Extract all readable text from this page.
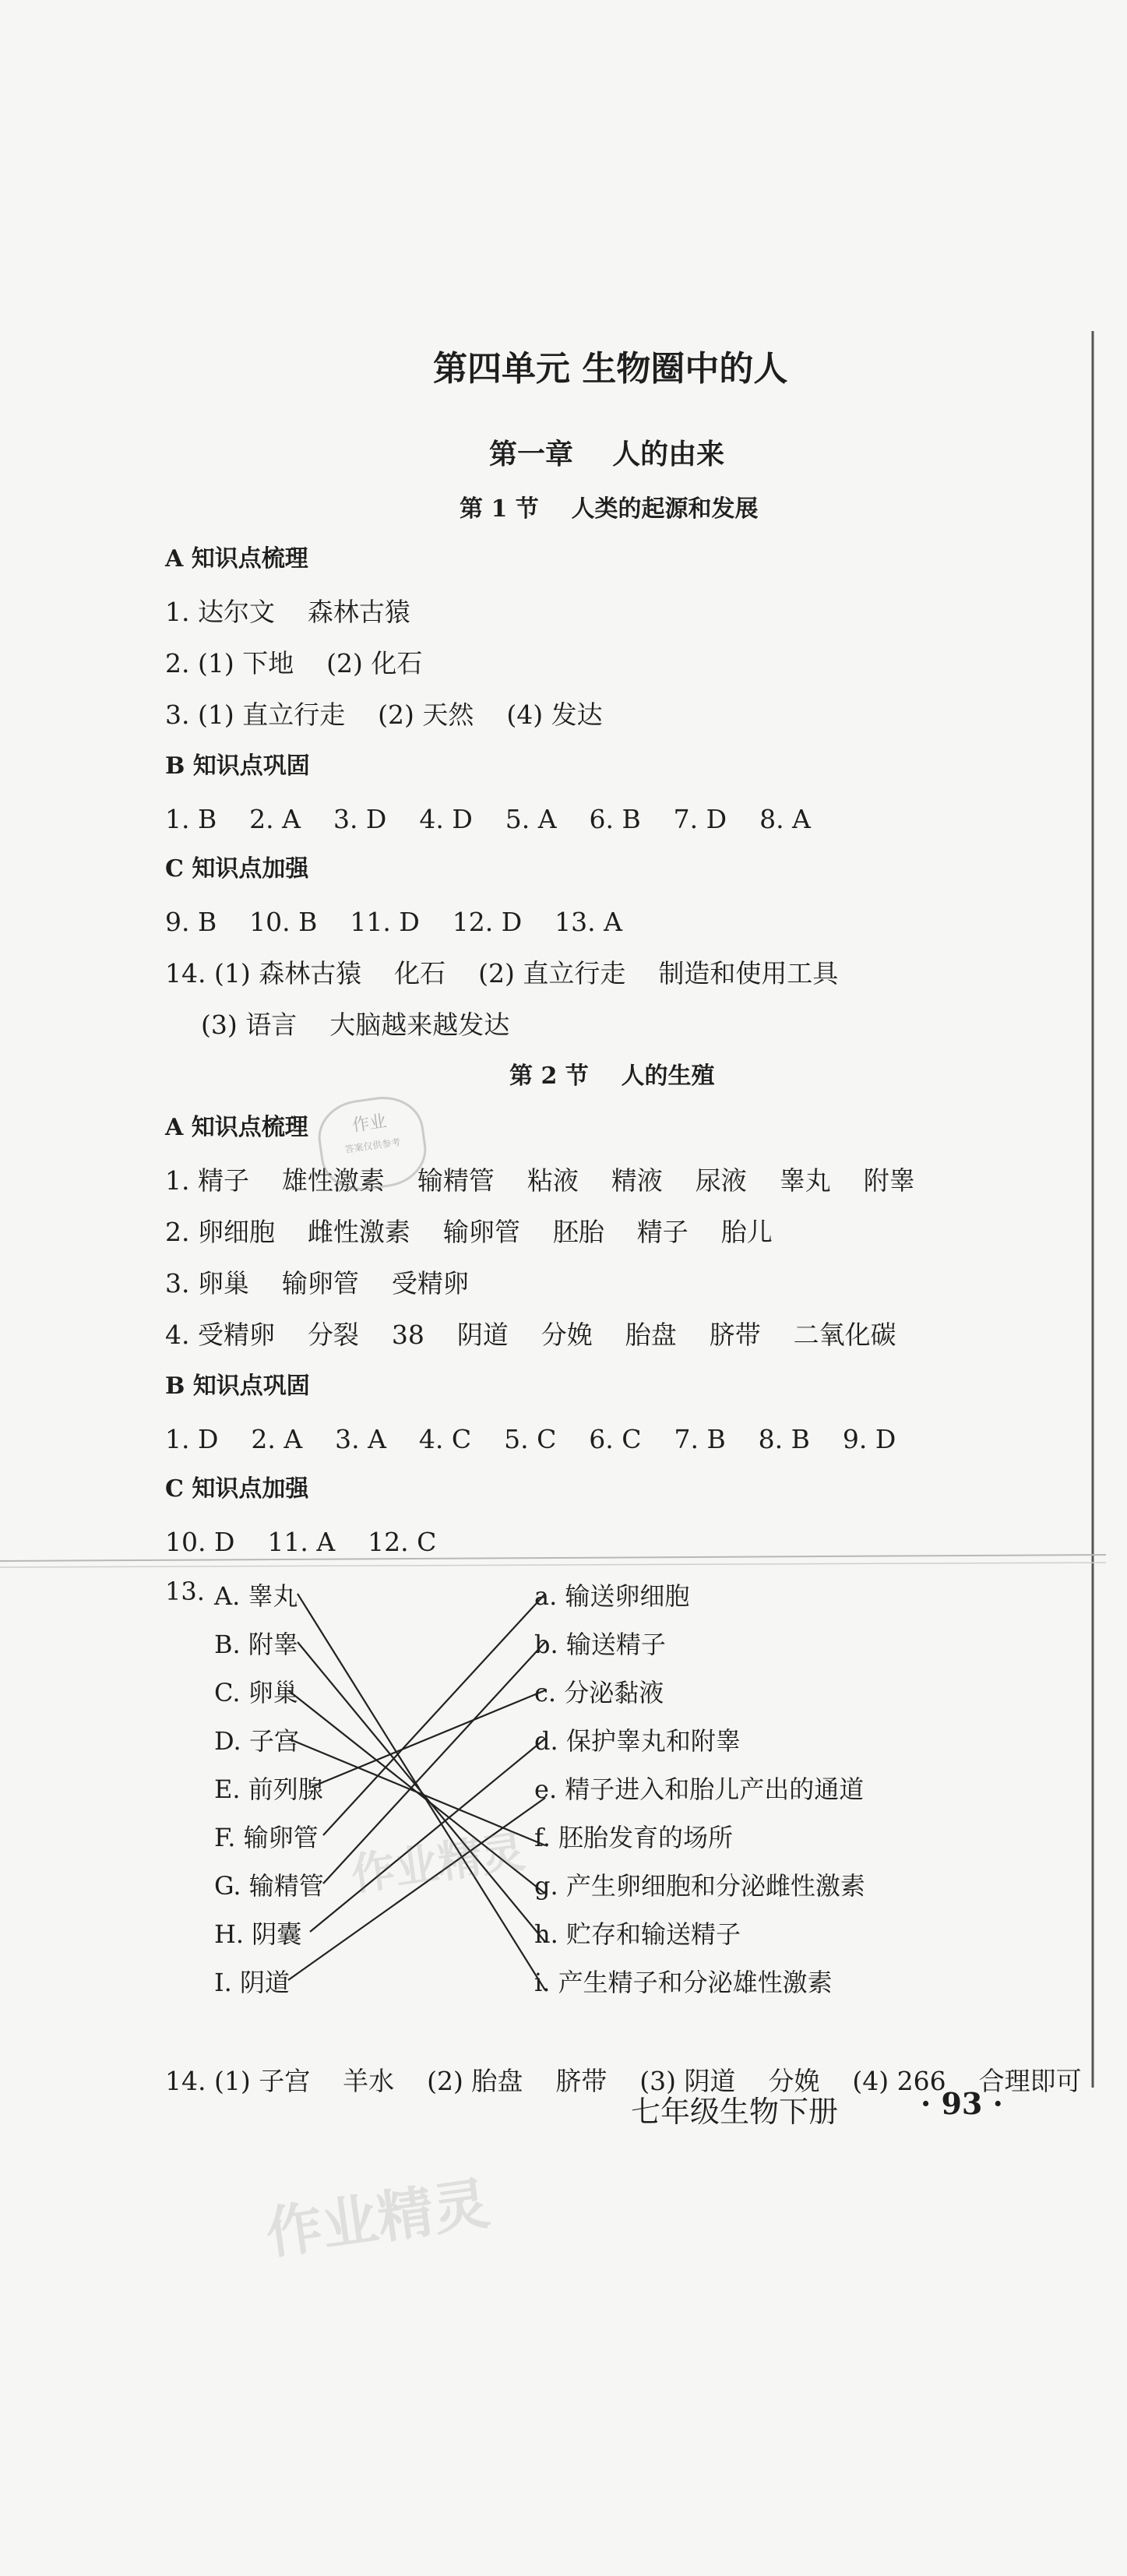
第四单元 生物圈中的人
第一章    人的由来
第 1 节    人类的起源和发展
A 知识点梳理
1. 达尔文    森林古猿
2. (1) 下地    (2) 化石
3. (1) 直立行走    (2) 天然    (4) 发达
B 知识点巩固
1. B    2. A    3. D    4. D    5. A    6. B    7. D    8. A
C 知识点加强
9. B    10. B    11. D    12. D    13. A
14. (1) 森林古猿    化石    (2) 直立行走    制造和使用工具
(3) 语言    大脑越来越发达
第 2 节    人的生殖
A 知识点梳理
1. 精子    雄性激素    输精管    粘液    精液    尿液    睾丸    附睾
2. 卵细胞    雌性激素    输卵管    胚胎    精子    胎儿
3. 卵巢    输卵管    受精卵
4. 受精卵    分裂    38    阴道    分娩    胎盘    脐带    二氧化碳
B 知识点巩固
1. D    2. A    3. A    4. C    5. C    6. C    7. B    8. B    9. D
C 知识点加强
10. D    11. A    12. C
13. A. 睾丸
B. 附睾
C. 卵巢
D. 子宫
E. 前列腺
F. 输卵管
G. 输精管
H. 阴囊
I. 阴道
a. 输送卵细胞
b. 输送精子
c. 分泌黏液
d. 保护睾丸和附睾
e. 精子进入和胎儿产出的通道
f. 胚胎发育的场所
g. 产生卵细胞和分泌雌性激素
h. 贮存和输送精子
i. 产生精子和分泌雄性激素
14. (1) 子宫    羊水    (2) 胎盘    脐带    (3) 阴道    分娩    (4) 266    合理即可
作业
答案仅供参考
作业精灵
作业精灵
七年级生物下册	· 93 ·
